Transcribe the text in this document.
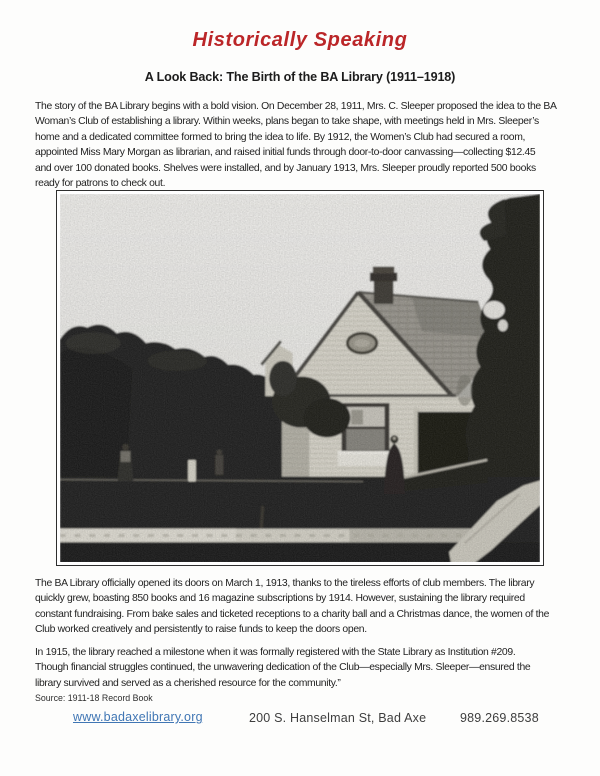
Historically Speaking
A Look Back: The Birth of the BA Library (1911–1918)
The story of the BA Library begins with a bold vision. On December 28, 1911, Mrs. C. Sleeper proposed the idea to the BA
Woman’s Club of establishing a library. Within weeks, plans began to take shape, with meetings held in Mrs. Sleeper’s
home and a dedicated committee formed to bring the idea to life. By 1912, the Women’s Club had secured a room,
appointed Miss Mary Morgan as librarian, and raised initial funds through door-to-door canvassing—collecting $12.45
and over 100 donated books. Shelves were installed, and by January 1913, Mrs. Sleeper proudly reported 500 books
ready for patrons to check out.
The BA Library officially opened its doors on March 1, 1913, thanks to the tireless efforts of club members. The library
quickly grew, boasting 850 books and 16 magazine subscriptions by 1914. However, sustaining the library required
constant fundraising. From bake sales and ticketed receptions to a charity ball and a Christmas dance, the women of the
Club worked creatively and persistently to raise funds to keep the doors open.
In 1915, the library reached a milestone when it was formally registered with the State Library as Institution #209.
Though financial struggles continued, the unwavering dedication of the Club—especially Mrs. Sleeper—ensured the
library survived and served as a cherished resource for the community.”
Source: 1911-18 Record Book
www.badaxelibrary.org	200 S. Hanselman St, Bad Axe	989.269.8538
